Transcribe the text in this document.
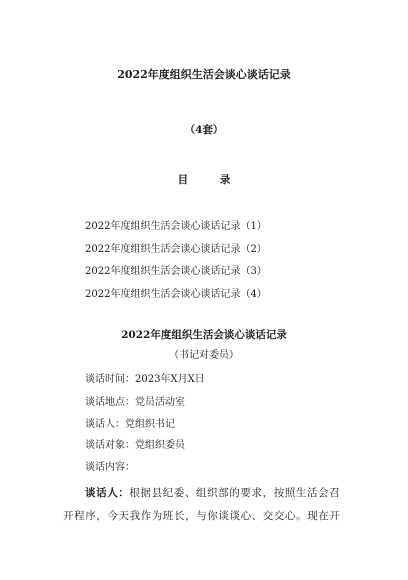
2022年度组织生活会谈心谈话记录
（4套）
目 录
2022年度组织生活会谈心谈话记录（1）
2022年度组织生活会谈心谈话记录（2）
2022年度组织生活会谈心谈话记录（3）
2022年度组织生活会谈心谈话记录（4）
2022年度组织生活会谈心谈话记录
（书记对委员）
谈话时间：2023年X月X日
谈话地点：党员活动室
谈话人：党组织书记
谈话对象：党组织委员
谈话内容：
谈话人：根据县纪委、组织部的要求，按照生活会召
开程序，今天我作为班长，与你谈谈心、交交心。现在开
